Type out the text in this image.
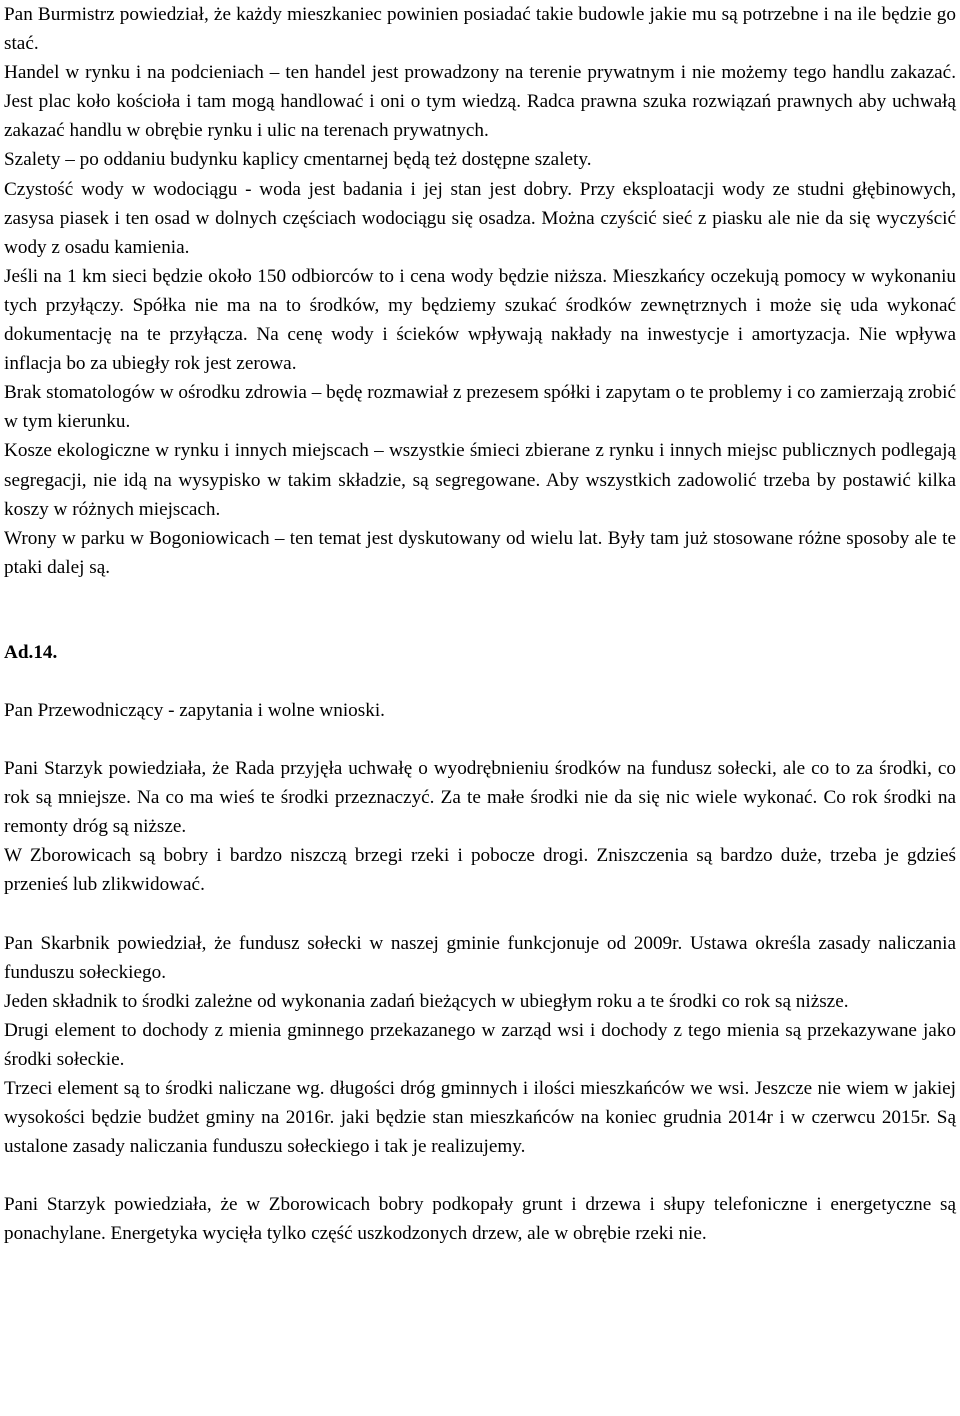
Pan Burmistrz powiedział, że każdy mieszkaniec powinien posiadać takie budowle jakie mu są potrzebne i na ile będzie go stać.

Handel w rynku i na podcieniach – ten handel jest prowadzony na terenie prywatnym i nie możemy tego handlu zakazać. Jest plac koło kościoła i tam mogą handlować i oni o tym wiedzą. Radca prawna szuka rozwiązań prawnych aby uchwałą zakazać handlu w obrębie rynku i ulic na terenach prywatnych.

Szalety – po oddaniu budynku kaplicy cmentarnej będą też dostępne szalety.

Czystość wody w wodociągu - woda jest badania i jej stan jest dobry. Przy eksploatacji wody ze studni głębinowych, zasysa piasek i ten osad w dolnych częściach wodociągu się osadza. Można czyścić sieć z piasku ale nie da się wyczyścić wody z osadu kamienia.

Jeśli na 1 km sieci będzie około 150 odbiorców to i cena wody będzie niższa. Mieszkańcy oczekują pomocy w wykonaniu tych przyłączy. Spółka nie ma na to środków, my będziemy szukać środków zewnętrznych i może się uda wykonać dokumentację na te przyłącza. Na cenę wody i ścieków wpływają nakłady na inwestycje i amortyzacja. Nie wpływa inflacja bo za ubiegły rok jest zerowa.

Brak stomatologów w ośrodku zdrowia – będę rozmawiał z prezesem spółki i zapytam o te problemy i co zamierzają zrobić w tym kierunku.

Kosze ekologiczne w rynku i innych miejscach – wszystkie śmieci zbierane z rynku i innych miejsc publicznych podlegają segregacji, nie idą na wysypisko w takim składzie, są segregowane. Aby wszystkich zadowolić trzeba by postawić kilka koszy w różnych miejscach.

Wrony w parku w Bogoniowicach – ten temat jest dyskutowany od wielu lat. Były tam już stosowane różne sposoby ale te ptaki dalej są.

Ad.14.

Pan Przewodniczący - zapytania i wolne wnioski.

Pani Starzyk powiedziała, że Rada przyjęła uchwałę o wyodrębnieniu środków na fundusz sołecki, ale co to za środki, co rok są mniejsze. Na co ma wieś te środki przeznaczyć. Za te małe środki nie da się nic wiele wykonać. Co rok środki na remonty dróg są niższe.

W Zborowicach są bobry i bardzo niszczą brzegi rzeki i pobocze drogi. Zniszczenia są bardzo duże, trzeba je gdzieś przenieś lub zlikwidować.

Pan Skarbnik powiedział, że fundusz sołecki w naszej gminie funkcjonuje od 2009r. Ustawa określa zasady naliczania funduszu sołeckiego.

Jeden składnik to środki zależne od wykonania zadań bieżących w ubiegłym roku a te środki co rok są niższe.

Drugi element to dochody z mienia gminnego przekazanego w zarząd wsi i dochody z tego mienia są przekazywane jako środki sołeckie.

Trzeci element są to środki naliczane wg. długości dróg gminnych i ilości mieszkańców we wsi. Jeszcze nie wiem w jakiej wysokości będzie budżet gminy na 2016r. jaki będzie stan mieszkańców na koniec grudnia 2014r i w czerwcu 2015r. Są ustalone zasady naliczania funduszu sołeckiego i tak je realizujemy.

Pani Starzyk powiedziała, że w Zborowicach bobry podkopały grunt i drzewa i słupy telefoniczne i energetyczne są ponachylane. Energetyka wycięła tylko część uszkodzonych drzew, ale w obrębie rzeki nie.
